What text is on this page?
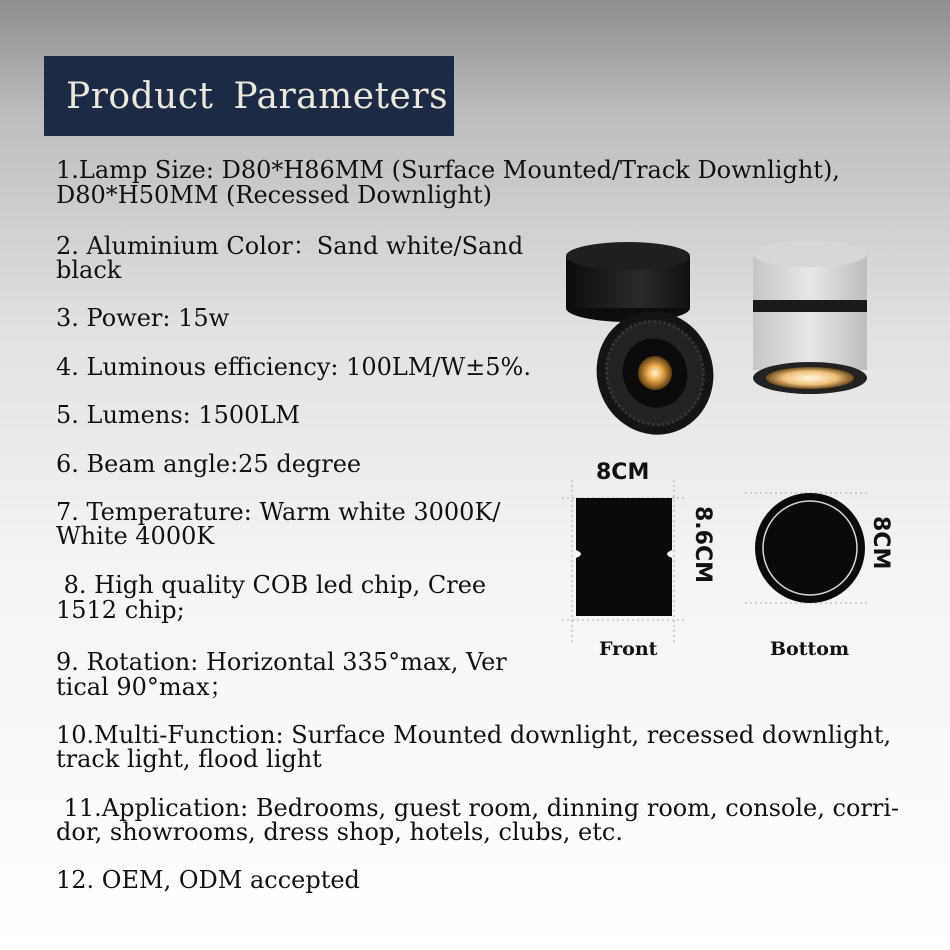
Product Parameters

1.Lamp Size: D80*H86MM (Surface Mounted/Track Downlight),

D80*H50MM (Recessed Downlight)

2. Aluminium Color：Sand white/Sand

black

3. Power: 15w

4. Luminous efficiency: 100LM/W±5%.

5. Lumens: 1500LM

6. Beam angle:25 degree

7. Temperature: Warm white 3000K/

White 4000K

8. High quality COB led chip, Cree

1512 chip;

9. Rotation: Horizontal 335°max, Ver

tical 90°max；

10.Multi-Function: Surface Mounted downlight, recessed downlight,

track light, flood light

11.Application: Bedrooms, guest room, dinning room, console, corri-

dor, showrooms, dress shop, hotels, clubs, etc.

12. OEM, ODM accepted

8CM
8.6CM
Front
8CM
Bottom
